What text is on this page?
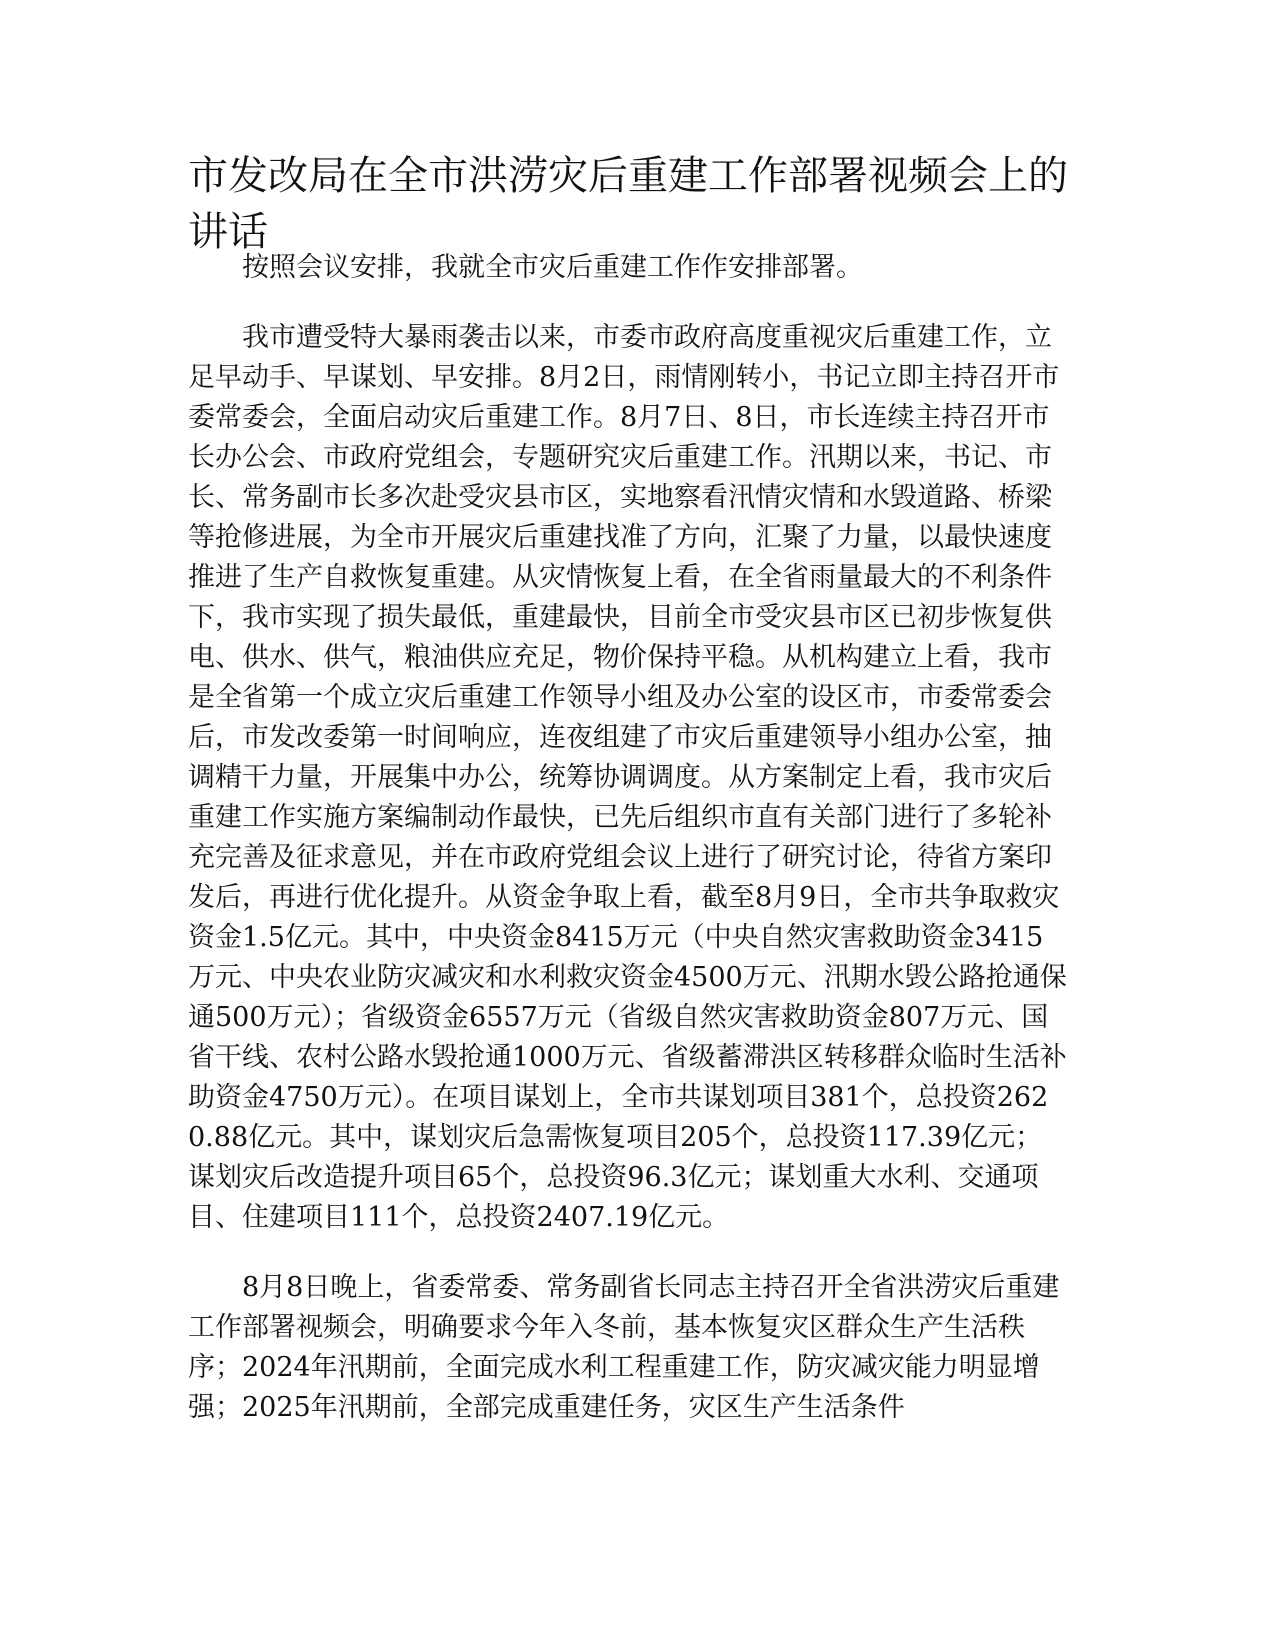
市发改局在全市洪涝灾后重建工作部署视频会上的讲话

按照会议安排，我就全市灾后重建工作作安排部署。

我市遭受特大暴雨袭击以来，市委市政府高度重视灾后重建工作，立足早动手、早谋划、早安排。8月2日，雨情刚转小，书记立即主持召开市委常委会，全面启动灾后重建工作。8月7日、8日，市长连续主持召开市长办公会、市政府党组会，专题研究灾后重建工作。汛期以来，书记、市长、常务副市长多次赴受灾县市区，实地察看汛情灾情和水毁道路、桥梁等抢修进展，为全市开展灾后重建找准了方向，汇聚了力量，以最快速度推进了生产自救恢复重建。从灾情恢复上看，在全省雨量最大的不利条件下，我市实现了损失最低，重建最快，目前全市受灾县市区已初步恢复供电、供水、供气，粮油供应充足，物价保持平稳。从机构建立上看，我市是全省第一个成立灾后重建工作领导小组及办公室的设区市，市委常委会后，市发改委第一时间响应，连夜组建了市灾后重建领导小组办公室，抽调精干力量，开展集中办公，统筹协调调度。从方案制定上看，我市灾后重建工作实施方案编制动作最快，已先后组织市直有关部门进行了多轮补充完善及征求意见，并在市政府党组会议上进行了研究讨论，待省方案印发后，再进行优化提升。从资金争取上看，截至8月9日，全市共争取救灾资金1.5亿元。其中，中央资金8415万元（中央自然灾害救助资金3415万元、中央农业防灾减灾和水利救灾资金4500万元、汛期水毁公路抢通保通500万元）；省级资金6557万元（省级自然灾害救助资金807万元、国省干线、农村公路水毁抢通1000万元、省级蓄滞洪区转移群众临时生活补助资金4750万元）。在项目谋划上，全市共谋划项目381个，总投资2620.88亿元。其中，谋划灾后急需恢复项目205个，总投资117.39亿元；谋划灾后改造提升项目65个，总投资96.3亿元；谋划重大水利、交通项目、住建项目111个，总投资2407.19亿元。

8月8日晚上，省委常委、常务副省长同志主持召开全省洪涝灾后重建工作部署视频会，明确要求今年入冬前，基本恢复灾区群众生产生活秩序；2024年汛期前，全面完成水利工程重建工作，防灾减灾能力明显增强；2025年汛期前，全部完成重建任务，灾区生产生活条件
